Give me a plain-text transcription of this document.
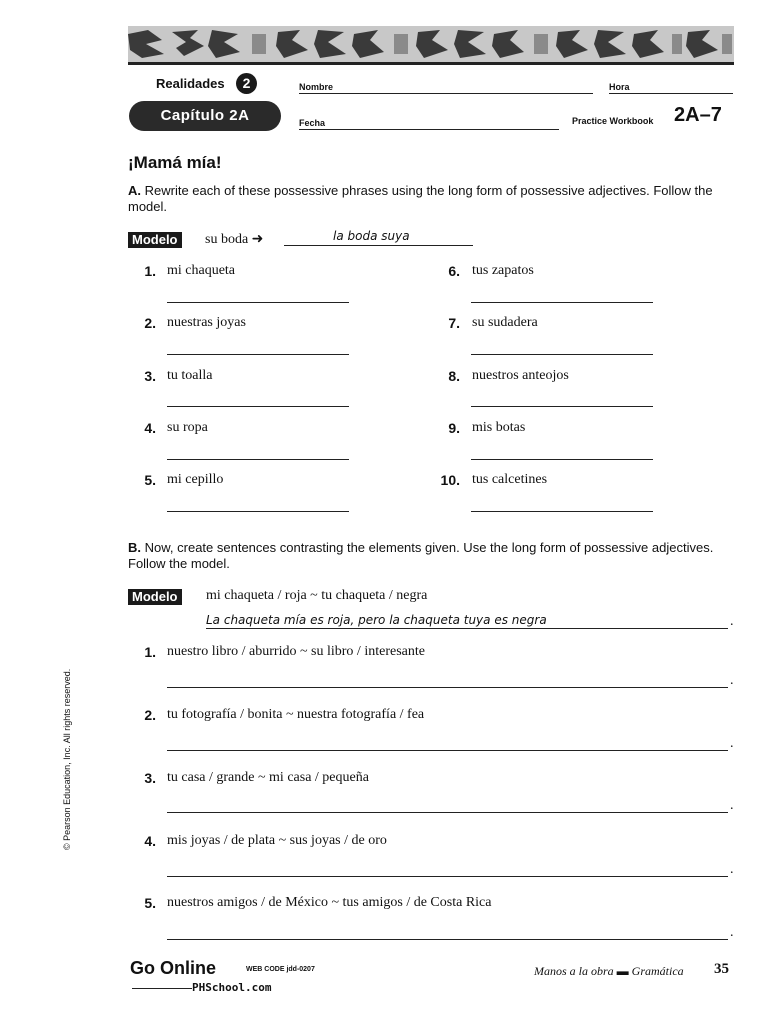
Realidades	2
Capítulo 2A
Nombre	Hora
Fecha	Practice Workbook 2A–7
¡Mamá mía!
A. Rewrite each of these possessive phrases using the long form of possessive adjectives. Follow the model.
Modelo su boda ➜	la boda suya
1. mi chaqueta
2. nuestras joyas
3. tu toalla
4. su ropa
5. mi cepillo
6. tus zapatos
7. su sudadera
8. nuestros anteojos
9. mis botas
10. tus calcetines
B. Now, create sentences contrasting the elements given. Use the long form of possessive adjectives. Follow the model.
Modelo mi chaqueta / roja ~ tu chaqueta / negra
La chaqueta mía es roja, pero la chaqueta tuya es negra	.
1. nuestro libro / aburrido ~ su libro / interesante
.
2. tu fotografía / bonita ~ nuestra fotografía / fea
.
3. tu casa / grande ~ mi casa / pequeña
.
4. mis joyas / de plata ~ sus joyas / de oro
.
5. nuestros amigos / de México ~ tus amigos / de Costa Rica
.
© Pearson Education, Inc. All rights reserved.
Go Online	WEB CODE jdd-0207
PHSchool.com
Manos a la obra ▬ Gramática 35
